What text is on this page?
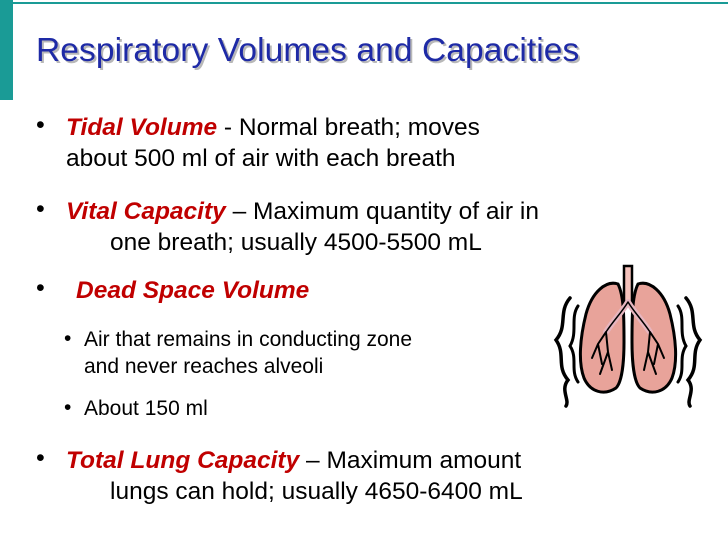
Respiratory Volumes and Capacities
• Tidal Volume - Normal breath; moves
about 500 ml of air with each breath
• Vital Capacity – Maximum quantity of air in
one breath; usually 4500-5500 mL
• Dead Space Volume
• Air that remains in conducting zone
and never reaches alveoli
• About 150 ml
• Total Lung Capacity – Maximum amount
lungs can hold; usually 4650-6400 mL
